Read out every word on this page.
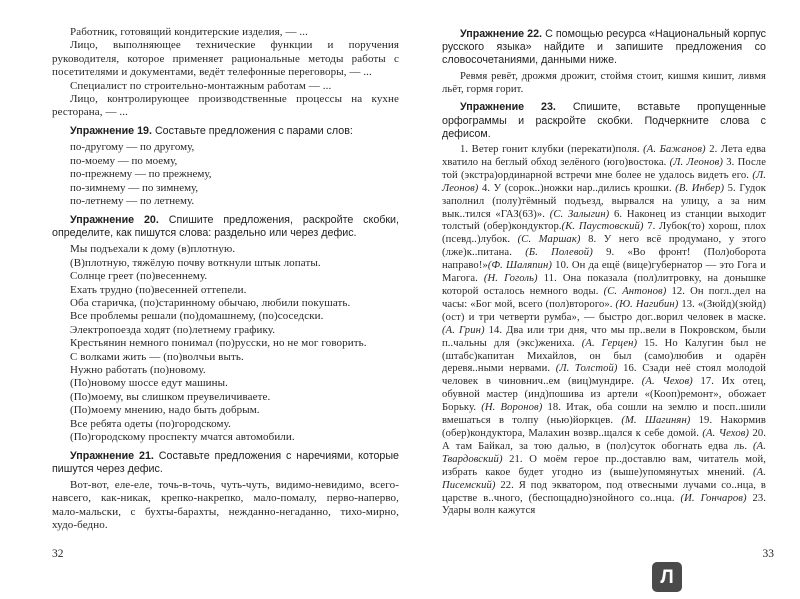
Работник, готовящий кондитерские изделия, — ...

Лицо, выполняющее технические функции и поручения руководителя, которое применяет рациональные методы работы с посетителями и документами, ведёт телефонные переговоры, — ...

Специалист по строительно-монтажным работам — ...

Лицо, контролирующее производственные процессы на кухне ресторана, — ...

Упражнение 19. Составьте предложения с парами слов:

по-другому — по другому,
по-моему — по моему,
по-прежнему — по прежнему,
по-зимнему — по зимнему,
по-летнему — по летнему.

Упражнение 20. Спишите предложения, раскройте скобки, определите, как пишутся слова: раздельно или через дефис.

Мы подъехали к дому (в)плотную.

(В)плотную, тяжёлую почву воткнули штык лопаты.

Солнце греет (по)весеннему.

Ехать трудно (по)весенней оттепели.

Оба старичка, (по)старинному обычаю, любили покушать.

Все проблемы решали (по)домашнему, (по)соседски.

Электропоезда ходят (по)летнему графику.

Крестьянин немного понимал (по)русски, но не мог говорить.

С волками жить — (по)волчьи выть.

Нужно работать (по)новому.

(По)новому шоссе едут машины.

(По)моему, вы слишком преувеличиваете.

(По)моему мнению, надо быть добрым.

Все ребята одеты (по)городскому.

(По)городскому проспекту мчатся автомобили.

Упражнение 21. Составьте предложения с наречиями, которые пишутся через дефис.

Вот-вот, еле-еле, точь-в-точь, чуть-чуть, видимо-невидимо, всего-навсего, как-никак, крепко-накрепко, мало-помалу, перво-наперво, мало-мальски, с бухты-барахты, нежданно-негаданно, тихо-мирно, худо-бедно.

Упражнение 22. С помощью ресурса «Национальный корпус русского языка» найдите и запишите предложения со словосочетаниями, данными ниже.

Ревмя ревёт, дрожмя дрожит, стоймя стоит, кишмя кишит, ливмя льёт, гормя горит.

Упражнение 23. Спишите, вставьте пропущенные орфограммы и раскройте скобки. Подчеркните слова с дефисом.

1. Ветер гонит клубки (перекати)поля. (А. Бажанов) 2. Лета едва хватило на беглый обход зелёного (юго)востока. (Л. Леонов) 3. После той (экстра)ординарной встречи мне более не удалось видеть его. (Л. Леонов) 4. У (сорок..)ножки нар..дились крошки. (В. Инбер) 5. Гудок заполнил (полу)тёмный подъезд, вырвался на улицу, а за ним вык..тился «ГАЗ(63)». (С. Залыгин) 6. Наконец из станции выходит толстый (обер)кондуктор.(К. Паустовский) 7. Лубок(то) хорош, плох (псевд..)лубок. (С. Маршак) 8. У него всё продумано, у этого (лже)к..питана. (Б. Полевой) 9. «Во фронт! (Пол)оборота направо!»(Ф. Шаляпин) 10. Он да ещё (вице)губернатор — это Гога и Магога. (Н. Гоголь) 11. Она показала (пол)литровку, на донышке которой осталось немного воды. (С. Антонов) 12. Он погл..дел на часы: «Бог мой, всего (пол)второго». (Ю. Нагибин) 13. «(Зюйд)(зюйд)(ост) и три четверти румба», — быстро дог..ворил человек в маске. (А. Грин) 14. Два или три дня, что мы пр..вели в Покровском, были п..чальны для (экс)жениха. (А. Герцен) 15. Но Калугин был не (штабс)капитан Михайлов, он был (само)любив и одарён деревя..ными нервами. (Л. Толстой) 16. Сзади неё стоял молодой человек в чиновнич..ем (виц)мундире. (А. Чехов) 17. Их отец, обувной мастер (инд)пошива из артели «(Кооп)ремонт», обожает Борьку. (Н. Воронов) 18. Итак, оба сошли на землю и посп..шили вмешаться в толпу (нью)йоркцев. (М. Шагинян) 19. Накормив (обер)кондуктора, Малахин возвр..щался к себе домой. (А. Чехов) 20. А там Байкал, за тою далью, в (пол)суток обогнать едва ль. (А. Твардовский) 21. О моём герое пр..доставлю вам, читатель мой, избрать какое будет угодно из (выше)упомянутых мнений. (А. Писемский) 22. Я под экватором, под отвесными лучами со..нца, в царстве в..чного, (беспощадно)знойного со..нца. (И. Гончаров) 23. Удары волн кажутся

32	33
Л
